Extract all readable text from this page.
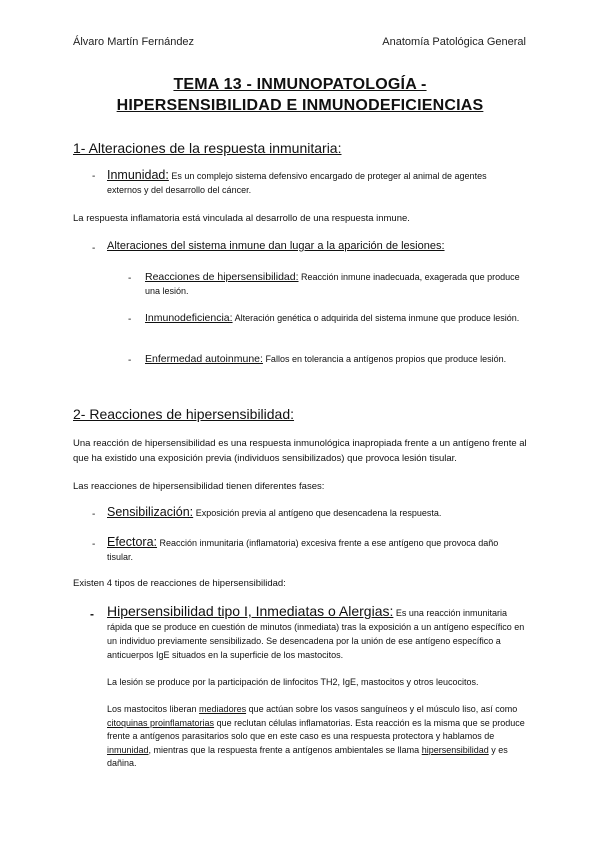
Álvaro Martín Fernández	Anatomía Patológica General
TEMA 13 - INMUNOPATOLOGÍA -
HIPERSENSIBILIDAD E INMUNODEFICIENCIAS
1- Alteraciones de la respuesta inmunitaria:
- Inmunidad: Es un complejo sistema defensivo encargado de proteger al animal de agentes externos y del desarrollo del cáncer.
La respuesta inflamatoria está vinculada al desarrollo de una respuesta inmune.
- Alteraciones del sistema inmune dan lugar a la aparición de lesiones:
- Reacciones de hipersensibilidad: Reacción inmune inadecuada, exagerada que produce una lesión.
- Inmunodeficiencia: Alteración genética o adquirida del sistema inmune que produce lesión.
- Enfermedad autoinmune: Fallos en tolerancia a antígenos propios que produce lesión.
2- Reacciones de hipersensibilidad:
Una reacción de hipersensibilidad es una respuesta inmunológica inapropiada frente a un antígeno frente al que ha existido una exposición previa (individuos sensibilizados) que provoca lesión tisular.
Las reacciones de hipersensibilidad tienen diferentes fases:
- Sensibilización: Exposición previa al antígeno que desencadena la respuesta.
- Efectora: Reacción inmunitaria (inflamatoria) excesiva frente a ese antígeno que provoca daño tisular.
Existen 4 tipos de reacciones de hipersensibilidad:
- Hipersensibilidad tipo I, Inmediatas o Alergias: Es una reacción inmunitaria rápida que se produce en cuestión de minutos (inmediata) tras la exposición a un antígeno específico en un individuo previamente sensibilizado. Se desencadena por la unión de ese antígeno específico a anticuerpos IgE situados en la superficie de los mastocitos.
La lesión se produce por la participación de linfocitos TH2, IgE, mastocitos y otros leucocitos.
Los mastocitos liberan mediadores que actúan sobre los vasos sanguíneos y el músculo liso, así como citoquinas proinflamatorias que reclutan células inflamatorias. Esta reacción es la misma que se produce frente a antígenos parasitarios solo que en este caso es una respuesta protectora y hablamos de inmunidad, mientras que la respuesta frente a antígenos ambientales se llama hipersensibilidad y es dañina.
